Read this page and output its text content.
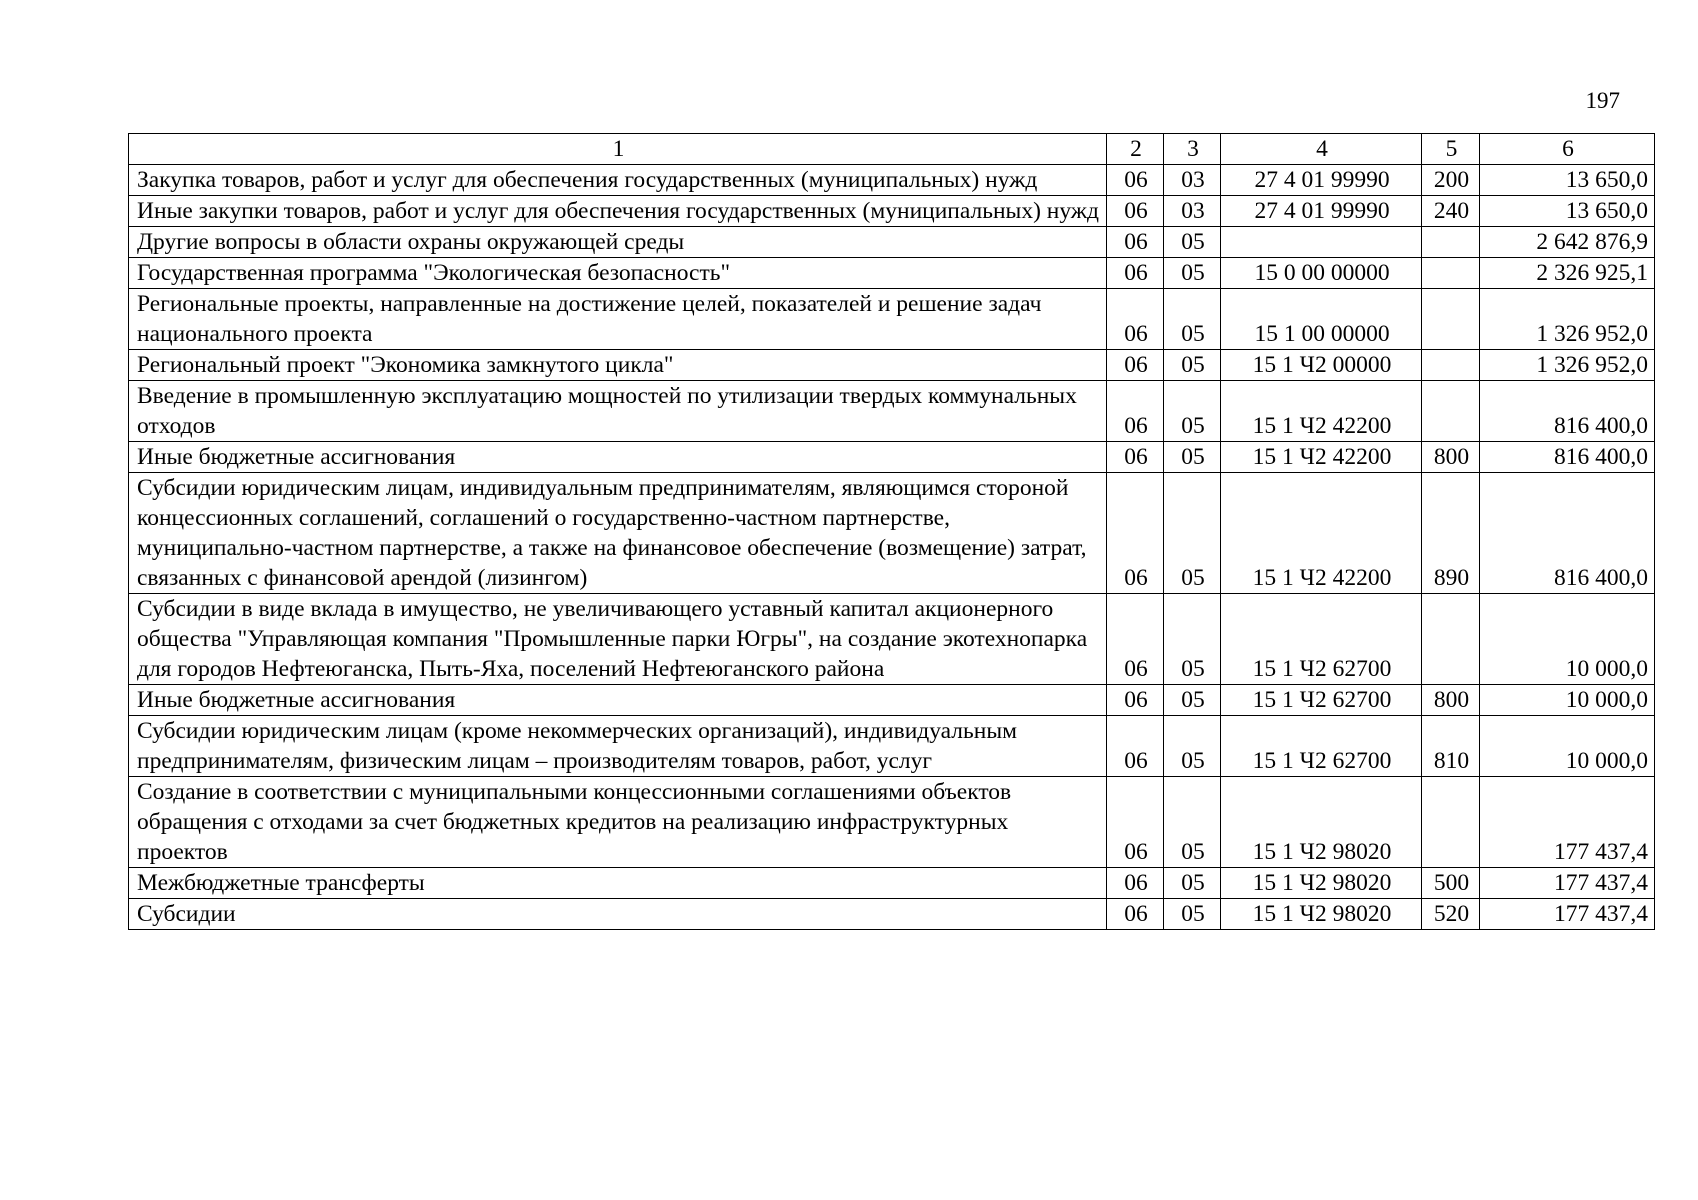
197
1	2	3	4	5	6
Закупка товаров, работ и услуг для обеспечения государственных (муниципальных) нужд	06	03	27 4 01 99990	200	13 650,0
Иные закупки товаров, работ и услуг для обеспечения государственных (муниципальных) нужд	06	03	27 4 01 99990	240	13 650,0
Другие вопросы в области охраны окружающей среды	06	05			2 642 876,9
Государственная программа "Экологическая безопасность"	06	05	15 0 00 00000		2 326 925,1
Региональные проекты, направленные на достижение целей, показателей и решение задач национального проекта	06	05	15 1 00 00000		1 326 952,0
Региональный проект "Экономика замкнутого цикла"	06	05	15 1 Ч2 00000		1 326 952,0
Введение в промышленную эксплуатацию мощностей по утилизации твердых коммунальных отходов	06	05	15 1 Ч2 42200		816 400,0
Иные бюджетные ассигнования	06	05	15 1 Ч2 42200	800	816 400,0
Субсидии юридическим лицам, индивидуальным предпринимателям, являющимся стороной концессионных соглашений, соглашений о государственно-частном партнерстве, муниципально-частном партнерстве, а также на финансовое обеспечение (возмещение) затрат, связанных с финансовой арендой (лизингом)	06	05	15 1 Ч2 42200	890	816 400,0
Субсидии в виде вклада в имущество, не увеличивающего уставный капитал акционерного общества "Управляющая компания "Промышленные парки Югры", на создание экотехнопарка для городов Нефтеюганска, Пыть-Яха, поселений Нефтеюганского района	06	05	15 1 Ч2 62700		10 000,0
Иные бюджетные ассигнования	06	05	15 1 Ч2 62700	800	10 000,0
Субсидии юридическим лицам (кроме некоммерческих организаций), индивидуальным предпринимателям, физическим лицам – производителям товаров, работ, услуг	06	05	15 1 Ч2 62700	810	10 000,0
Создание в соответствии с муниципальными концессионными соглашениями объектов обращения с отходами за счет бюджетных кредитов на реализацию инфраструктурных проектов	06	05	15 1 Ч2 98020		177 437,4
Межбюджетные трансферты	06	05	15 1 Ч2 98020	500	177 437,4
Субсидии	06	05	15 1 Ч2 98020	520	177 437,4
